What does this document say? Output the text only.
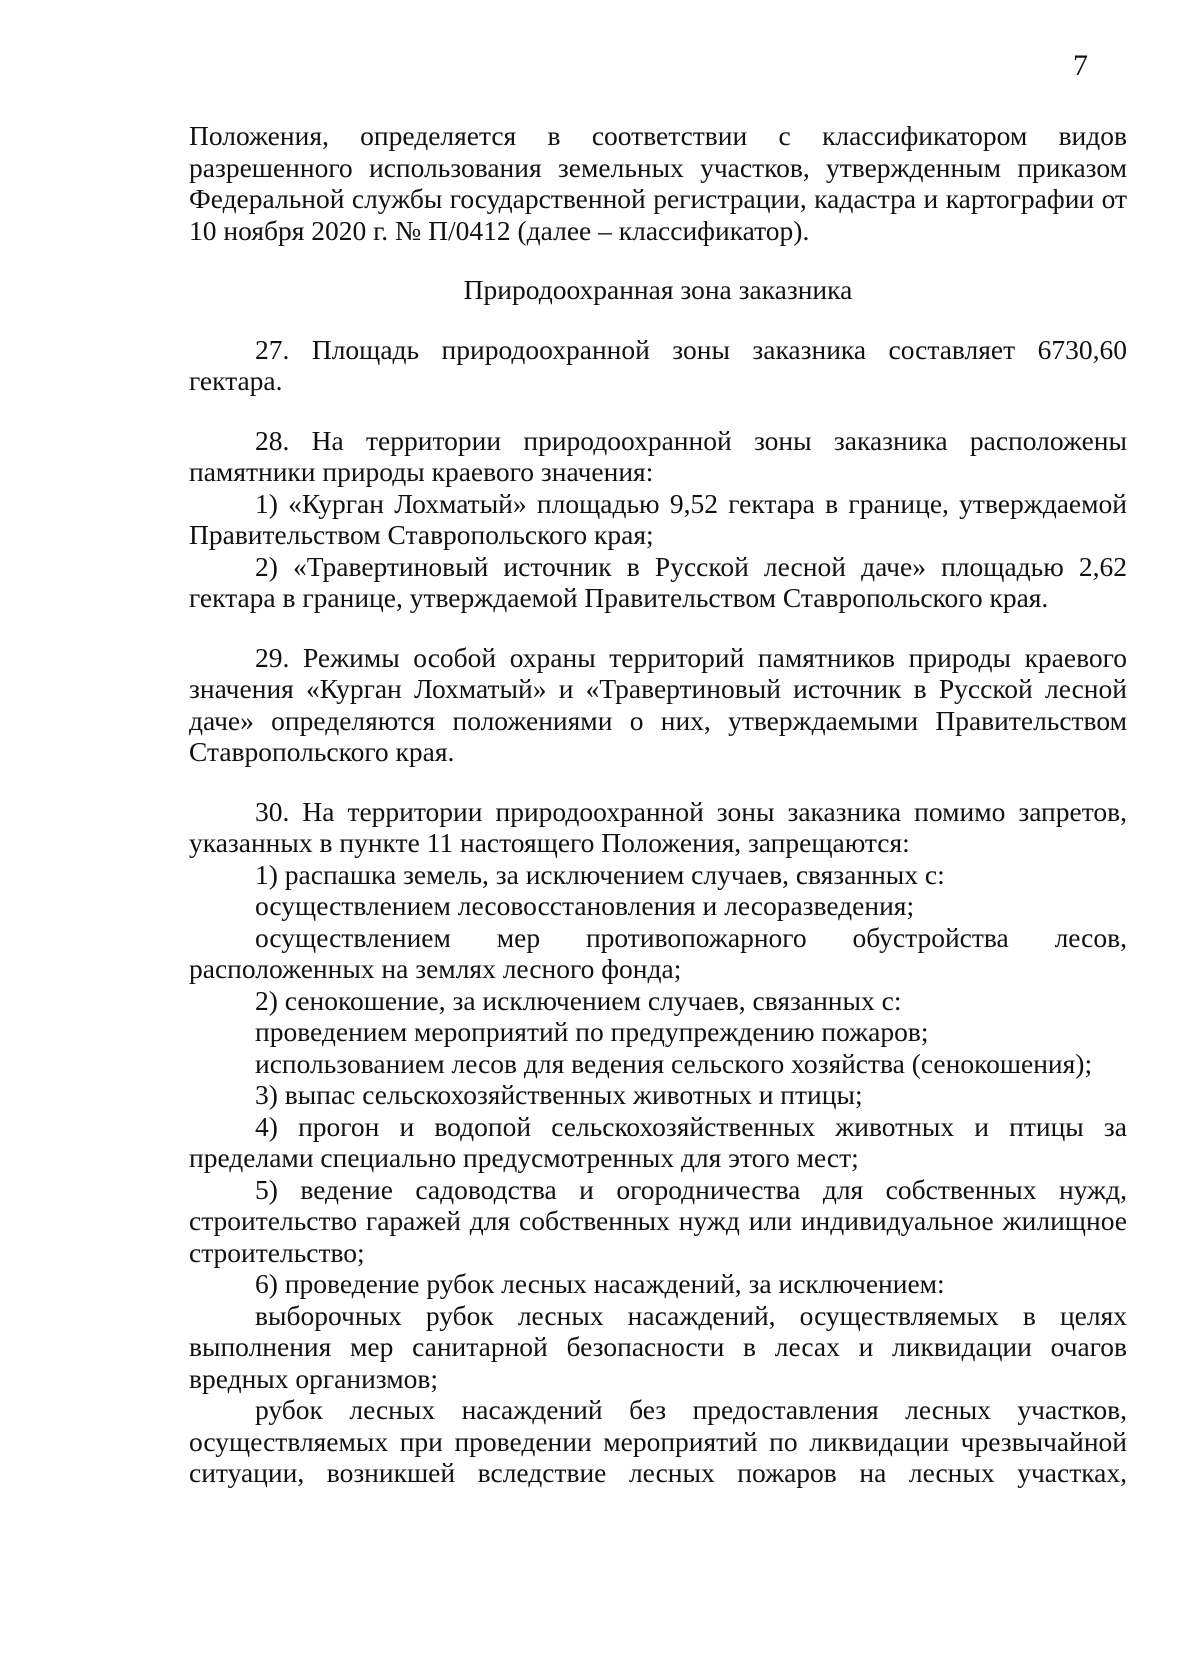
7

Положения, определяется в соответствии с классификатором видов разрешенного использования земельных участков, утвержденным приказом Федеральной службы государственной регистрации, кадастра и картографии от 10 ноября 2020 г. № П/0412 (далее – классификатор).

Природоохранная зона заказника

27. Площадь природоохранной зоны заказника составляет 6730,60 гектара.

28. На территории природоохранной зоны заказника расположены памятники природы краевого значения:

1) «Курган Лохматый» площадью 9,52 гектара в границе, утверждаемой Правительством Ставропольского края;

2) «Травертиновый источник в Русской лесной даче» площадью 2,62 гектара в границе, утверждаемой Правительством Ставропольского края.

29. Режимы особой охраны территорий памятников природы краевого значения «Курган Лохматый» и «Травертиновый источник в Русской лесной даче» определяются положениями о них, утверждаемыми Правительством Ставропольского края.

30. На территории природоохранной зоны заказника помимо запретов, указанных в пункте 11 настоящего Положения, запрещаются:

1) распашка земель, за исключением случаев, связанных с:

осуществлением лесовосстановления и лесоразведения;

осуществлением мер противопожарного обустройства лесов, расположенных на землях лесного фонда;

2) сенокошение, за исключением случаев, связанных с:

проведением мероприятий по предупреждению пожаров;

использованием лесов для ведения сельского хозяйства (сенокошения);

3) выпас сельскохозяйственных животных и птицы;

4) прогон и водопой сельскохозяйственных животных и птицы за пределами специально предусмотренных для этого мест;

5) ведение садоводства и огородничества для собственных нужд, строительство гаражей для собственных нужд или индивидуальное жилищное строительство;

6) проведение рубок лесных насаждений, за исключением:

выборочных рубок лесных насаждений, осуществляемых в целях выполнения мер санитарной безопасности в лесах и ликвидации очагов вредных организмов;

рубок лесных насаждений без предоставления лесных участков, осуществляемых при проведении мероприятий по ликвидации чрезвычайной ситуации, возникшей вследствие лесных пожаров на лесных участках,
